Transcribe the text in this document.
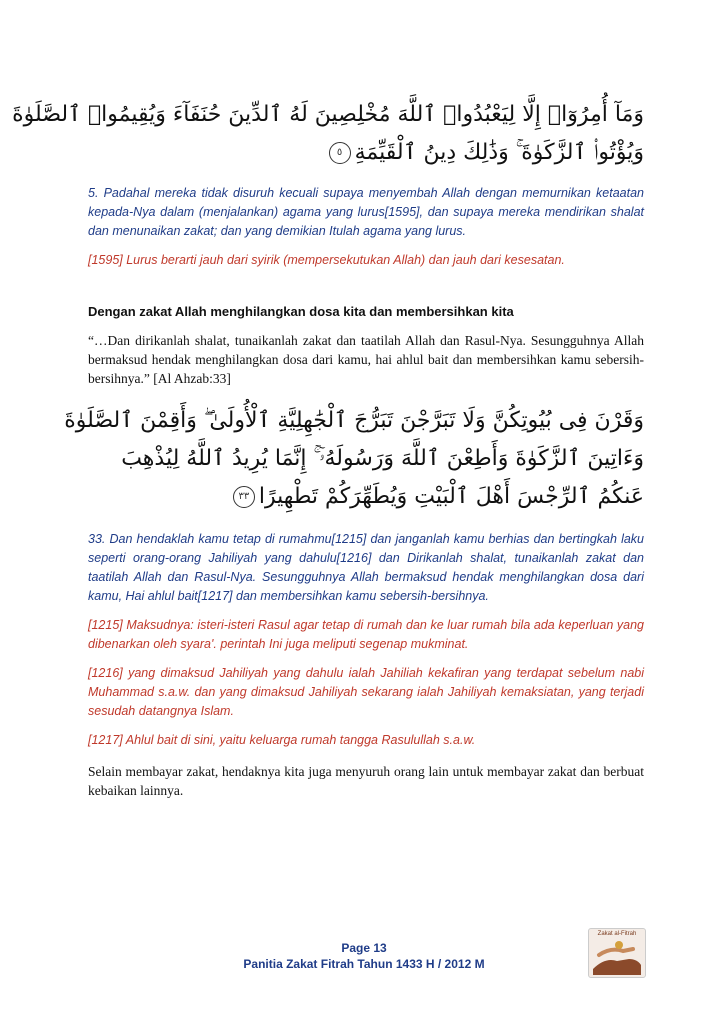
وَمَآ أُمِرُوٓا۟ إِلَّا لِيَعْبُدُوا۟ ٱللَّهَ مُخْلِصِينَ لَهُ ٱلدِّينَ حُنَفَآءَ وَيُقِيمُوا۟ ٱلصَّلَوٰةَ
وَيُؤْتُوا۟ ٱلزَّكَوٰةَ ۚ وَذَٰلِكَ دِينُ ٱلْقَيِّمَةِ٥

5. Padahal mereka tidak disuruh kecuali supaya menyembah Allah dengan memurnikan ketaatan kepada-Nya dalam (menjalankan) agama yang lurus[1595], dan supaya mereka mendirikan shalat dan menunaikan zakat; dan yang demikian Itulah agama yang lurus.

[1595] Lurus berarti jauh dari syirik (mempersekutukan Allah) dan jauh dari kesesatan.

Dengan zakat Allah menghilangkan dosa kita dan membersihkan kita

“…Dan dirikanlah shalat, tunaikanlah zakat dan taatilah Allah dan Rasul-Nya. Sesungguhnya Allah bermaksud hendak menghilangkan dosa dari kamu, hai ahlul bait dan membersihkan kamu sebersih-bersihnya.” [Al Ahzab:33]

وَقَرْنَ فِى بُيُوتِكُنَّ وَلَا تَبَرَّجْنَ تَبَرُّجَ ٱلْجَٰهِلِيَّةِ ٱلْأُولَىٰ ۖ وَأَقِمْنَ ٱلصَّلَوٰةَ
وَءَاتِينَ ٱلزَّكَوٰةَ وَأَطِعْنَ ٱللَّهَ وَرَسُولَهُۥٓ ۚ إِنَّمَا يُرِيدُ ٱللَّهُ لِيُذْهِبَ
عَنكُمُ ٱلرِّجْسَ أَهْلَ ٱلْبَيْتِ وَيُطَهِّرَكُمْ تَطْهِيرًا٣٣

33. Dan hendaklah kamu tetap di rumahmu[1215] dan janganlah kamu berhias dan bertingkah laku seperti orang-orang Jahiliyah yang dahulu[1216] dan Dirikanlah shalat, tunaikanlah zakat dan taatilah Allah dan Rasul-Nya. Sesungguhnya Allah bermaksud hendak menghilangkan dosa dari kamu, Hai ahlul bait[1217] dan membersihkan kamu sebersih-bersihnya.

[1215] Maksudnya: isteri-isteri Rasul agar tetap di rumah dan ke luar rumah bila ada keperluan yang dibenarkan oleh syara'. perintah Ini juga meliputi segenap mukminat.

[1216] yang dimaksud Jahiliyah yang dahulu ialah Jahiliah kekafiran yang terdapat sebelum nabi Muhammad s.a.w. dan yang dimaksud Jahiliyah sekarang ialah Jahiliyah kemaksiatan, yang terjadi sesudah datangnya Islam.

[1217] Ahlul bait di sini, yaitu keluarga rumah tangga Rasulullah s.a.w.

Selain membayar zakat, hendaknya kita juga menyuruh orang lain untuk membayar zakat dan berbuat kebaikan lainnya.

Page 13
Panitia Zakat Fitrah Tahun 1433 H / 2012 M
Zakat al-Fitrah
